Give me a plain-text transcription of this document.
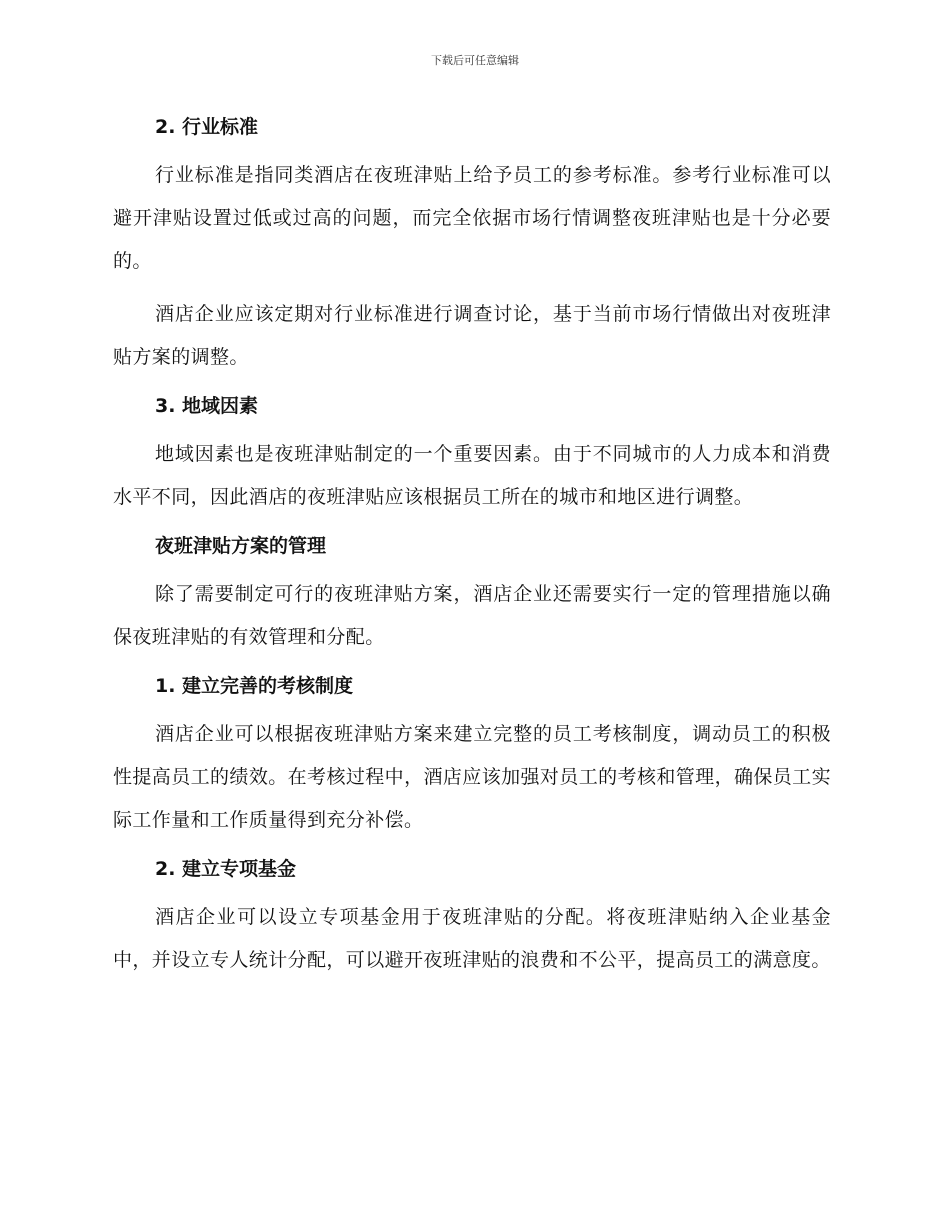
下载后可任意编辑
2. 行业标准

行业标准是指同类酒店在夜班津贴上给予员工的参考标准。参考行业标准可以避开津贴设置过低或过高的问题，而完全依据市场行情调整夜班津贴也是十分必要的。

酒店企业应该定期对行业标准进行调查讨论，基于当前市场行情做出对夜班津贴方案的调整。

3. 地域因素

地域因素也是夜班津贴制定的一个重要因素。由于不同城市的人力成本和消费水平不同，因此酒店的夜班津贴应该根据员工所在的城市和地区进行调整。

夜班津贴方案的管理

除了需要制定可行的夜班津贴方案，酒店企业还需要实行一定的管理措施以确保夜班津贴的有效管理和分配。

1. 建立完善的考核制度

酒店企业可以根据夜班津贴方案来建立完整的员工考核制度，调动员工的积极性提高员工的绩效。在考核过程中，酒店应该加强对员工的考核和管理，确保员工实际工作量和工作质量得到充分补偿。

2. 建立专项基金

酒店企业可以设立专项基金用于夜班津贴的分配。将夜班津贴纳入企业基金中，并设立专人统计分配，可以避开夜班津贴的浪费和不公平，提高员工的满意度。
